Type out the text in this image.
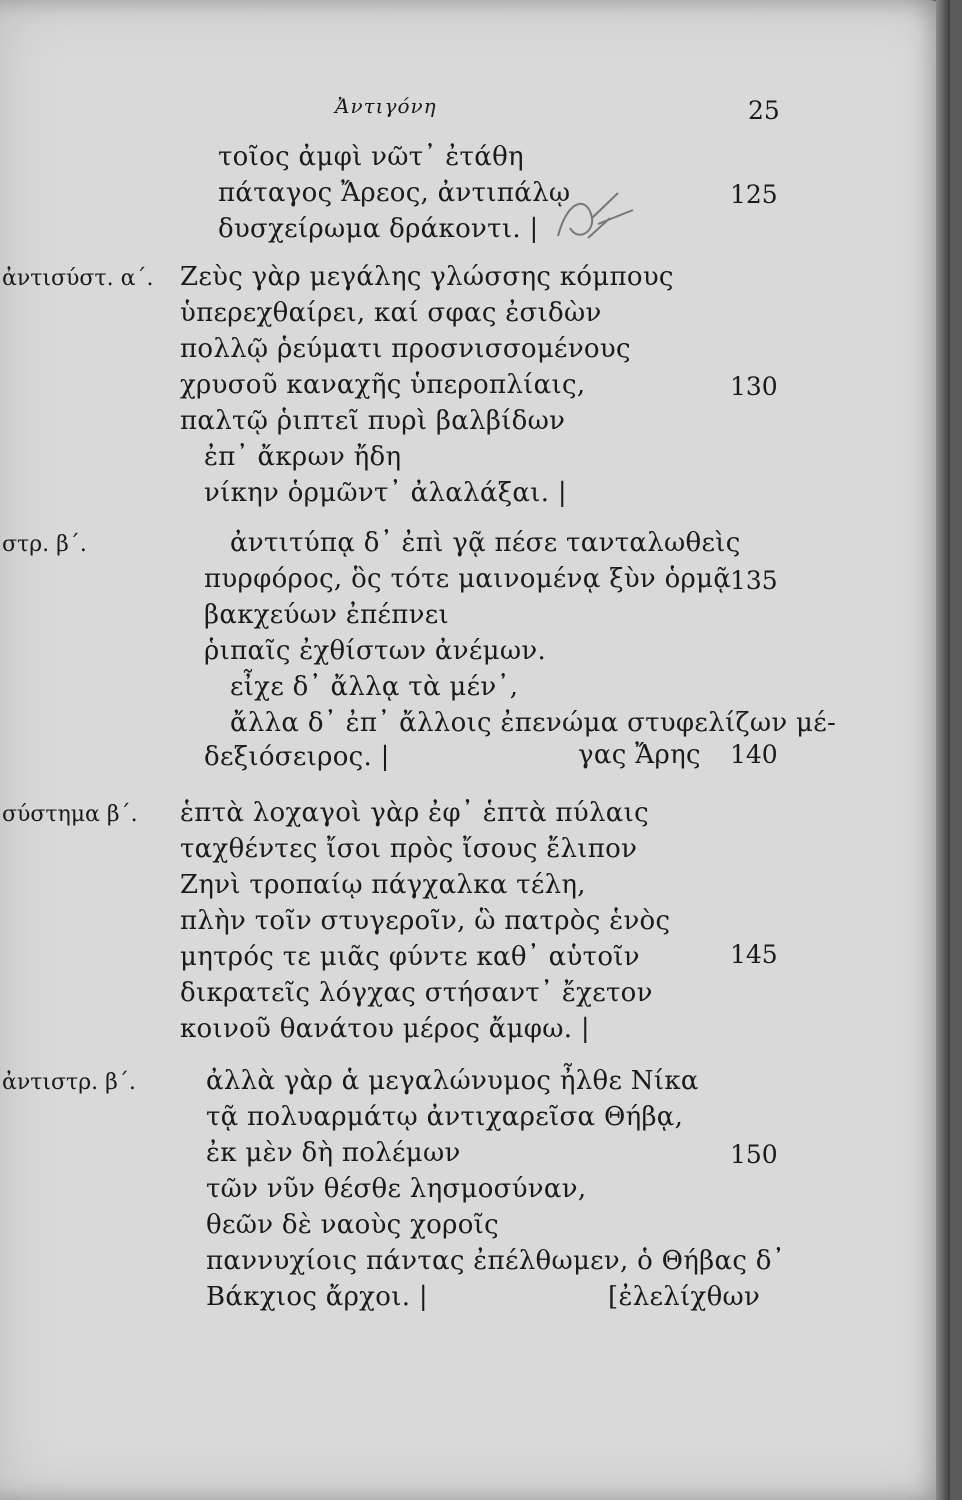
Ἀντιγόνη	25
τοῖος ἀμφὶ νῶτ᾽ ἐτάθη
πάταγος Ἄρεος, ἀντιπάλῳ
δυσχείρωμα δράκοντι. |
Ζεὺς γὰρ μεγάλης γλώσσης κόμπους
ὑπερεχθαίρει, καί σφας ἐσιδὼν
πολλῷ ῥεύματι προσνισσομένους
χρυσοῦ καναχῆς ὑπεροπλίαις,
παλτῷ ῥιπτεῖ πυρὶ βαλβίδων
ἐπ᾽ ἄκρων ἤδη
νίκην ὁρμῶντ᾽ ἀλαλάξαι. |
ἀντιτύπᾳ δ᾽ ἐπὶ γᾷ πέσε τανταλωθεὶς
πυρφόρος, ὃς τότε μαινομένᾳ ξὺν ὁρμᾷ
βακχεύων ἐπέπνει
ῥιπαῖς ἐχθίστων ἀνέμων.
εἶχε δ᾽ ἄλλᾳ τὰ μέν᾽,
ἄλλα δ᾽ ἐπ᾽ ἄλλοις ἐπενώμα στυφελίζων μέ-
δεξιόσειρος. |	γας Ἄρης
ἑπτὰ λοχαγοὶ γὰρ ἐφ᾽ ἑπτὰ πύλαις
ταχθέντες ἴσοι πρὸς ἴσους ἔλιπον
Ζηνὶ τροπαίῳ πάγχαλκα τέλη,
πλὴν τοῖν στυγεροῖν, ὣ πατρὸς ἑνὸς
μητρός τε μιᾶς φύντε καθ᾽ αὑτοῖν
δικρατεῖς λόγχας στήσαντ᾽ ἔχετον
κοινοῦ θανάτου μέρος ἄμφω. |
ἀλλὰ γὰρ ἁ μεγαλώνυμος ἦλθε Νίκα
τᾷ πολυαρμάτῳ ἀντιχαρεῖσα Θήβᾳ,
ἐκ μὲν δὴ πολέμων
τῶν νῦν θέσθε λησμοσύναν,
θεῶν δὲ ναοὺς χοροῖς
παννυχίοις πάντας ἐπέλθωμεν, ὁ Θήβας δ᾽
Βάκχιος ἄρχοι. |	[ἐλελίχθων
ἀντισύστ. α΄.
στρ. β΄.
σύστημα β΄.
ἀντιστρ. β΄.
125
130
135
140
145
150
